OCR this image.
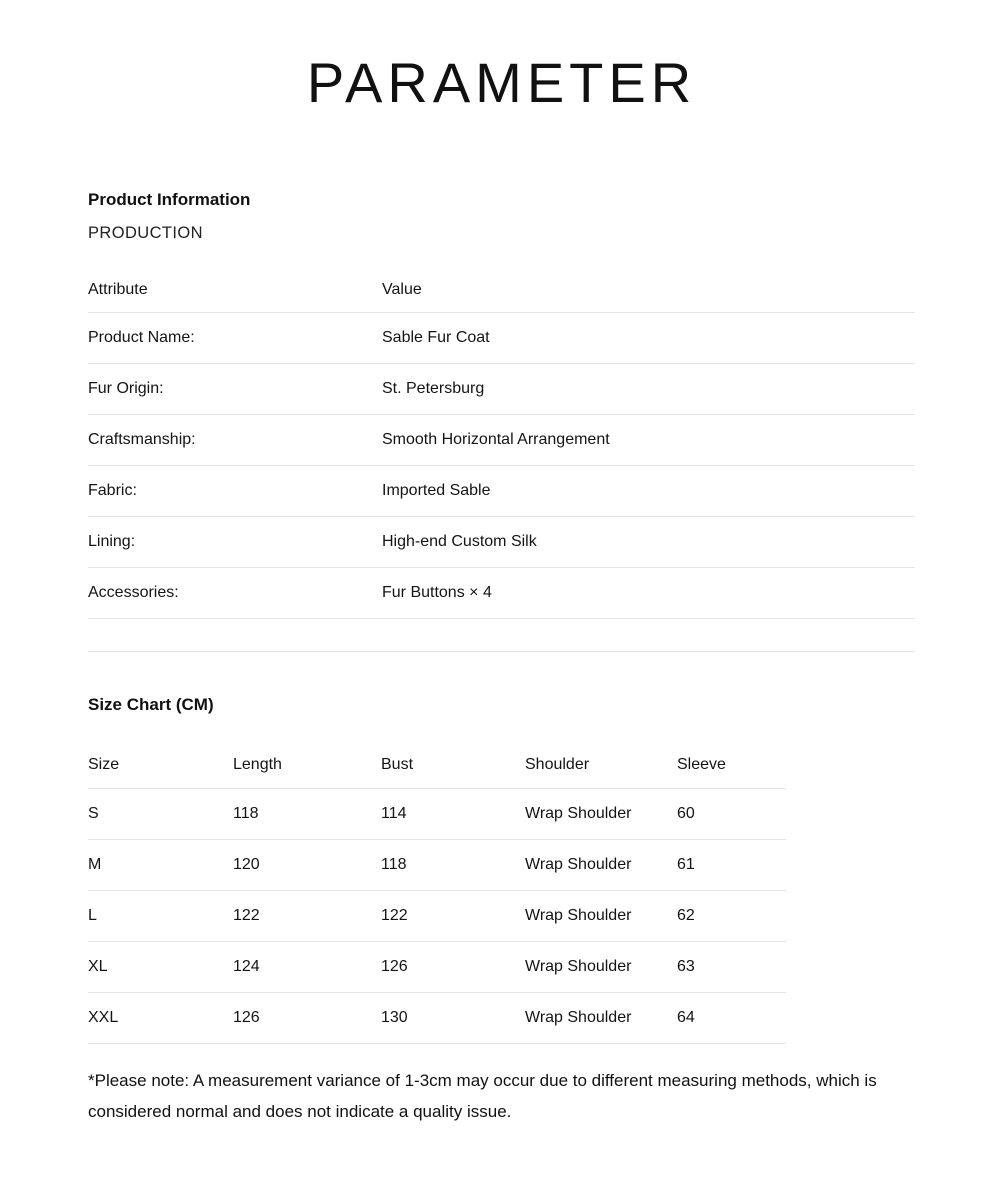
PARAMETER
Product Information
PRODUCTION
Attribute	Value
Product Name:	Sable Fur Coat
Fur Origin:	St. Petersburg
Craftsmanship:	Smooth Horizontal Arrangement
Fabric:	Imported Sable
Lining:	High-end Custom Silk
Accessories:	Fur Buttons × 4
Size Chart (CM)
Size	Length	Bust	Shoulder	Sleeve
S	118	114	Wrap Shoulder	60
M	120	118	Wrap Shoulder	61
L	122	122	Wrap Shoulder	62
XL	124	126	Wrap Shoulder	63
XXL	126	130	Wrap Shoulder	64
*Please note: A measurement variance of 1-3cm may occur due to different measuring methods, which is considered normal and does not indicate a quality issue.
